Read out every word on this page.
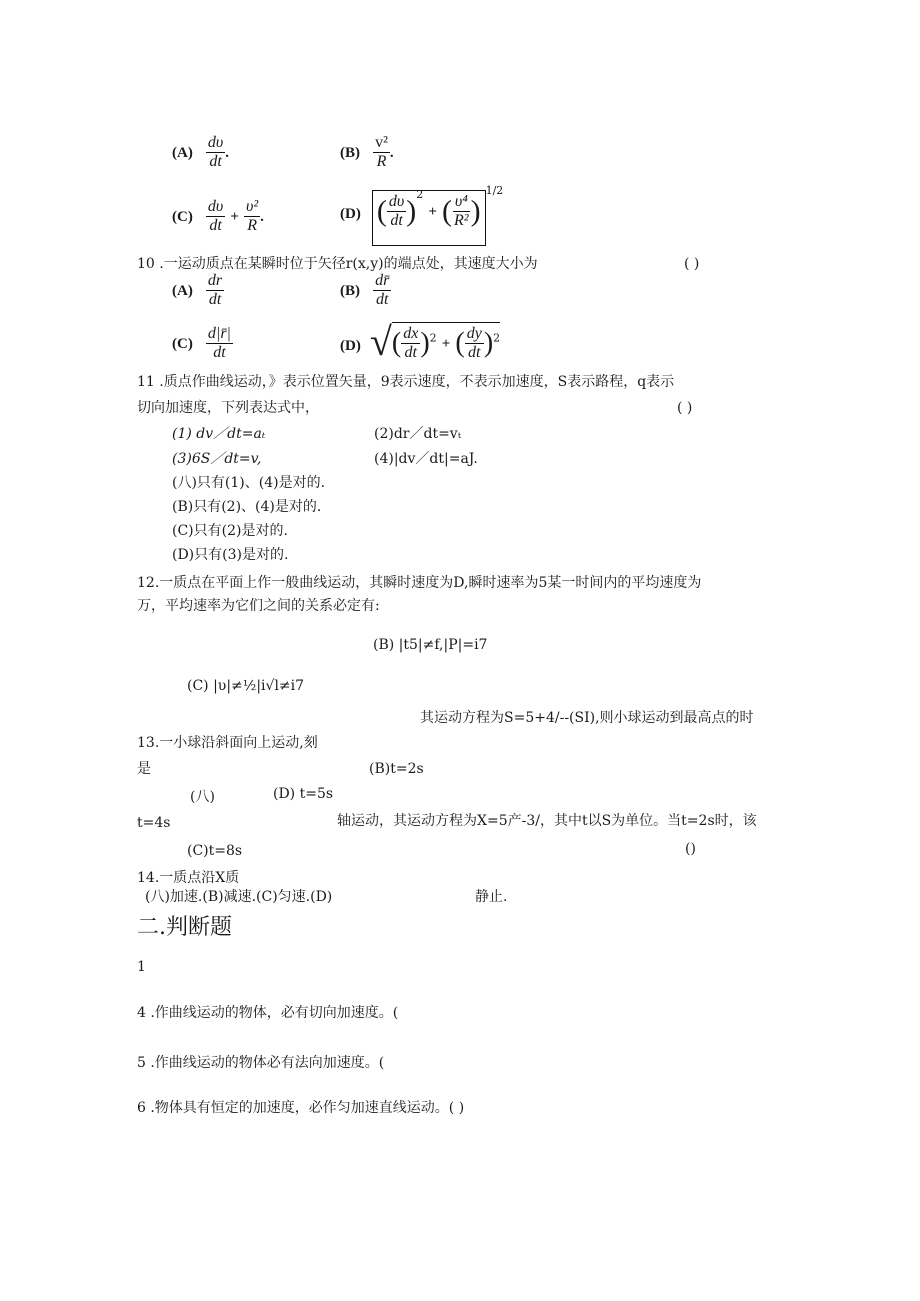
$(A) \frac{d\upsilon}{dt}$ .	$(B) \frac{\text{v²}}{R}$ .
$(C) \frac{d\upsilon}{dt} + \frac{\text{υ²}}{R}$ .	(D) ( $\frac{d\upsilon}{dt} )^2$ + ( $\frac{\text{υ⁴}}{\text{R²}} )^{1/2}$
10 .一运动质点在某瞬时位于矢径r(x,y)的端点处，其速度大小为	( )
$(A) \frac{dr}{dt}$	$(B) \frac{dr̄}{dt}$
$(C) \frac{d|r̄|}{dt}$	(D) √( $\frac{dx}{dt} )^2$ + ( $\frac{dy}{dt} )^2$
11 .质点作曲线运动，》表示位置矢量，9表示速度，不表示加速度，S表示路程，q表示
切向加速度，下列表达式中，	( )
(1) dv／dt=aₜ	(2)dr／dt=vₜ
(3)6S／dt=v,	(4)|dv／dt|=aJ.
(八)只有(1)、(4)是对的.
(B)只有(2)、(4)是对的.
(C)只有(2)是对的.
(D)只有(3)是对的.
12.一质点在平面上作一般曲线运动，其瞬时速度为D,瞬时速率为5某一时间内的平均速度为
万，平均速率为它们之间的关系必定有:
(B) |t5|≠f,|P|=i7
(C) |υ|≠½|i√l≠i7
其运动方程为S=5+4/--(SI),则小球运动到最高点的时
13.一小球沿斜面向上运动,刻
是	(B)t=2s
(八)	(D) t=5s
t=4s	轴运动，其运动方程为X=5产-3/，其中t以S为单位。当t=2s时，该
(C)t=8s	()
14.一质点沿X质
(八)加速.(B)减速.(C)匀速.(D)	静止.
二.判断题
1
4 .作曲线运动的物体，必有切向加速度。(
5 .作曲线运动的物体必有法向加速度。(
6 .物体具有恒定的加速度，必作匀加速直线运动。( )
